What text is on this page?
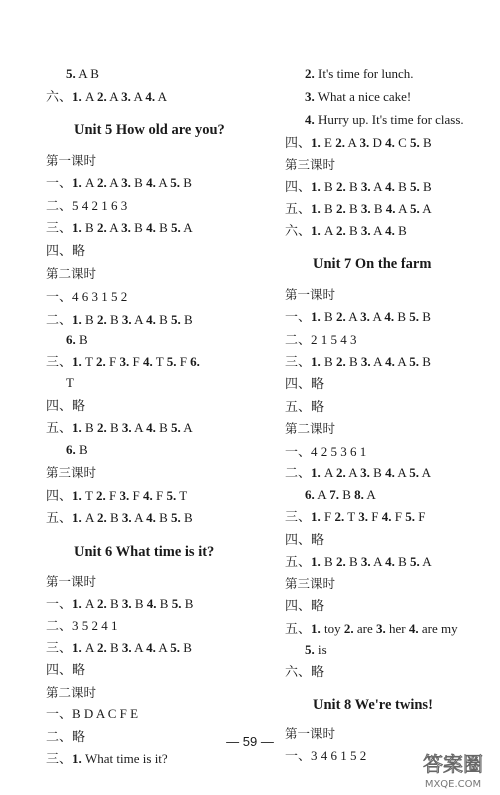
5. A B
六、1. A 2. A 3. A 4. A
Unit 5 How old are you?
第一课时
一、1. A 2. A 3. B 4. A 5. B
二、5 4 2 1 6 3
三、1. B 2. A 3. B 4. B 5. A
四、略
第二课时
一、4 6 3 1 5 2
二、1. B 2. B 3. A 4. B 5. B
6. B
三、1. T 2. F 3. F 4. T 5. F 6.
T
四、略
五、1. B 2. B 3. A 4. B 5. A
6. B
第三课时
四、1. T 2. F 3. F 4. F 5. T
五、1. A 2. B 3. A 4. B 5. B
Unit 6 What time is it?
第一课时
一、1. A 2. B 3. B 4. B 5. B
二、3 5 2 4 1
三、1. A 2. B 3. A 4. A 5. B
四、略
第二课时
一、B D A C F E
二、略
三、1. What time is it?
2. It's time for lunch.
3. What a nice cake!
4. Hurry up. It's time for class.
四、1. E 2. A 3. D 4. C 5. B
第三课时
四、1. B 2. B 3. A 4. B 5. B
五、1. B 2. B 3. B 4. A 5. A
六、1. A 2. B 3. A 4. B
Unit 7 On the farm
第一课时
一、1. B 2. A 3. A 4. B 5. B
二、2 1 5 4 3
三、1. B 2. B 3. A 4. A 5. B
四、略
五、略
第二课时
一、4 2 5 3 6 1
二、1. A 2. A 3. B 4. A 5. A
6. A 7. B 8. A
三、1. F 2. T 3. F 4. F 5. F
四、略
五、1. B 2. B 3. A 4. B 5. A
第三课时
四、略
五、1. toy 2. are 3. her 4. are my
5. is
六、略
Unit 8 We're twins!
第一课时
一、3 4 6 1 5 2
— 59 —
答案圈
MXQE.COM
